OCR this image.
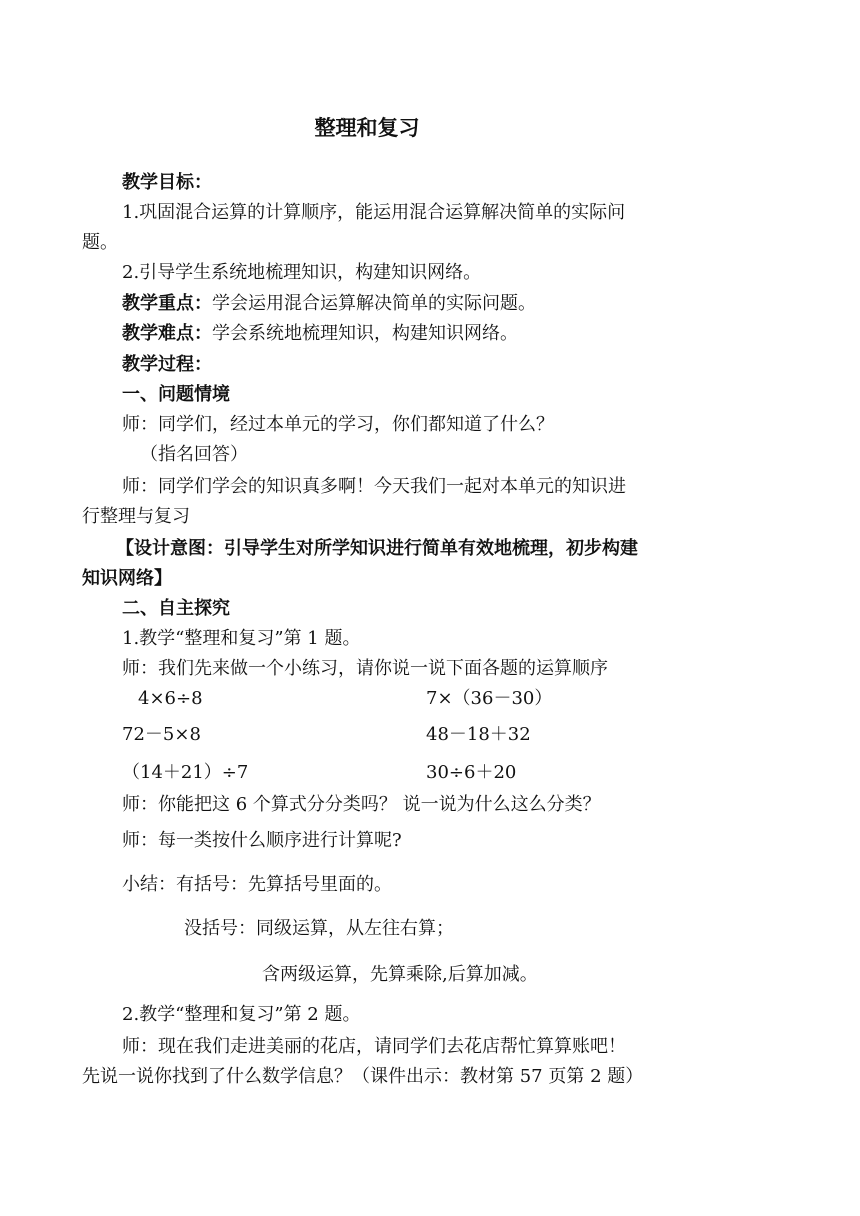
整理和复习
教学目标：
1.巩固混合运算的计算顺序，能运用混合运算解决简单的实际问
题。
2.引导学生系统地梳理知识，构建知识网络。
教学重点：学会运用混合运算解决简单的实际问题。
教学难点：学会系统地梳理知识，构建知识网络。
教学过程：
一、问题情境
师：同学们，经过本单元的学习，你们都知道了什么？
（指名回答）
师：同学们学会的知识真多啊！今天我们一起对本单元的知识进
行整理与复习
【设计意图：引导学生对所学知识进行简单有效地梳理，初步构建
知识网络】
二、自主探究
1.教学“整理和复习”第 1 题。
师：我们先来做一个小练习，请你说一说下面各题的运算顺序
4×6÷8	7×（36－30）
72－5×8	48－18＋32
（14＋21）÷7	30÷6＋20
师：你能把这 6 个算式分分类吗？ 说一说为什么这么分类？
师：每一类按什么顺序进行计算呢?
小结：有括号：先算括号里面的。
没括号：同级运算，从左往右算；
含两级运算，先算乘除,后算加减。
2.教学“整理和复习”第 2 题。
师：现在我们走进美丽的花店，请同学们去花店帮忙算算账吧！
先说一说你找到了什么数学信息？（课件出示：教材第 57 页第 2 题）
